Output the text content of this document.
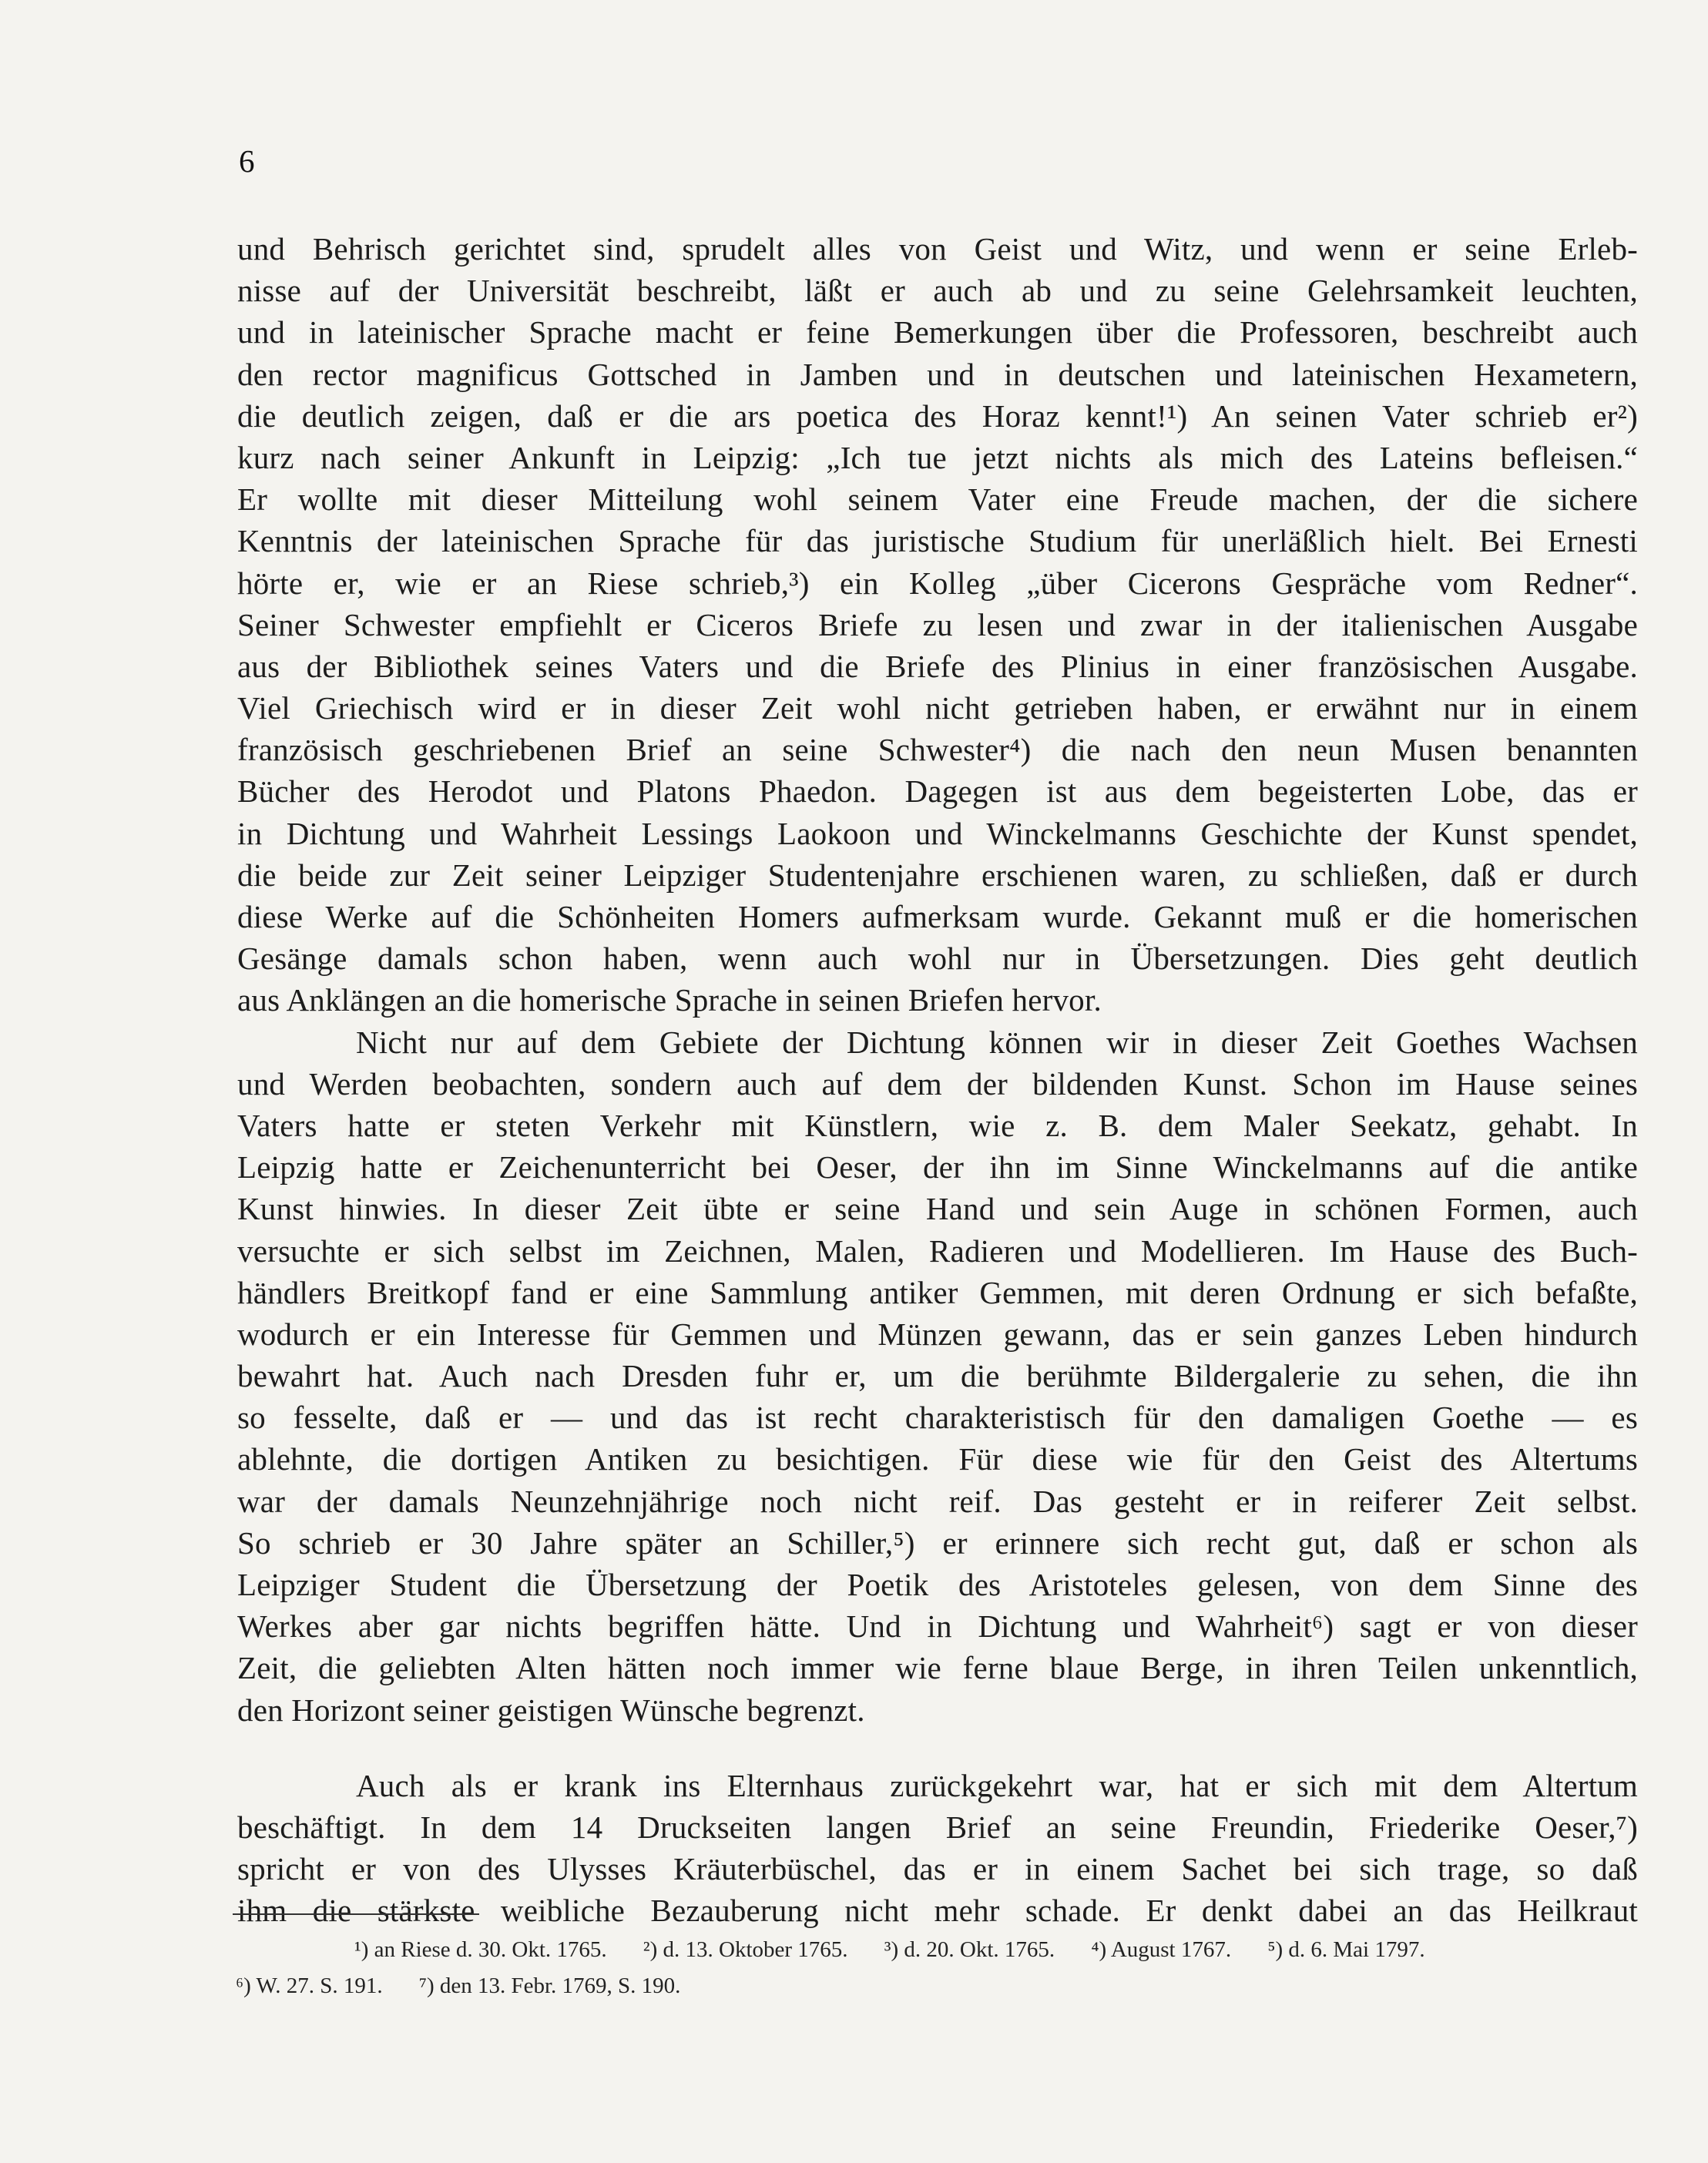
6
und Behrisch gerichtet sind, sprudelt alles von Geist und Witz, und wenn er seine Erleb-
nisse auf der Universität beschreibt, läßt er auch ab und zu seine Gelehrsamkeit leuchten,
und in lateinischer Sprache macht er feine Bemerkungen über die Professoren, beschreibt auch
den rector magnificus Gottsched in Jamben und in deutschen und lateinischen Hexametern,
die deutlich zeigen, daß er die ars poetica des Horaz kennt!¹) An seinen Vater schrieb er²)
kurz nach seiner Ankunft in Leipzig: „Ich tue jetzt nichts als mich des Lateins befleisen.“
Er wollte mit dieser Mitteilung wohl seinem Vater eine Freude machen, der die sichere
Kenntnis der lateinischen Sprache für das juristische Studium für unerläßlich hielt. Bei Ernesti
hörte er, wie er an Riese schrieb,³) ein Kolleg „über Cicerons Gespräche vom Redner“.
Seiner Schwester empfiehlt er Ciceros Briefe zu lesen und zwar in der italienischen Ausgabe
aus der Bibliothek seines Vaters und die Briefe des Plinius in einer französischen Ausgabe.
Viel Griechisch wird er in dieser Zeit wohl nicht getrieben haben, er erwähnt nur in einem
französisch geschriebenen Brief an seine Schwester⁴) die nach den neun Musen benannten
Bücher des Herodot und Platons Phaedon. Dagegen ist aus dem begeisterten Lobe, das er
in Dichtung und Wahrheit Lessings Laokoon und Winckelmanns Geschichte der Kunst spendet,
die beide zur Zeit seiner Leipziger Studentenjahre erschienen waren, zu schließen, daß er durch
diese Werke auf die Schönheiten Homers aufmerksam wurde. Gekannt muß er die homerischen
Gesänge damals schon haben, wenn auch wohl nur in Übersetzungen. Dies geht deutlich
aus Anklängen an die homerische Sprache in seinen Briefen hervor.
Nicht nur auf dem Gebiete der Dichtung können wir in dieser Zeit Goethes Wachsen
und Werden beobachten, sondern auch auf dem der bildenden Kunst. Schon im Hause seines
Vaters hatte er steten Verkehr mit Künstlern, wie z. B. dem Maler Seekatz, gehabt. In
Leipzig hatte er Zeichenunterricht bei Oeser, der ihn im Sinne Winckelmanns auf die antike
Kunst hinwies. In dieser Zeit übte er seine Hand und sein Auge in schönen Formen, auch
versuchte er sich selbst im Zeichnen, Malen, Radieren und Modellieren. Im Hause des Buch-
händlers Breitkopf fand er eine Sammlung antiker Gemmen, mit deren Ordnung er sich befaßte,
wodurch er ein Interesse für Gemmen und Münzen gewann, das er sein ganzes Leben hindurch
bewahrt hat. Auch nach Dresden fuhr er, um die berühmte Bildergalerie zu sehen, die ihn
so fesselte, daß er — und das ist recht charakteristisch für den damaligen Goethe — es
ablehnte, die dortigen Antiken zu besichtigen. Für diese wie für den Geist des Altertums
war der damals Neunzehnjährige noch nicht reif. Das gesteht er in reiferer Zeit selbst.
So schrieb er 30 Jahre später an Schiller,⁵) er erinnere sich recht gut, daß er schon als
Leipziger Student die Übersetzung der Poetik des Aristoteles gelesen, von dem Sinne des
Werkes aber gar nichts begriffen hätte. Und in Dichtung und Wahrheit⁶) sagt er von dieser
Zeit, die geliebten Alten hätten noch immer wie ferne blaue Berge, in ihren Teilen unkenntlich,
den Horizont seiner geistigen Wünsche begrenzt.
Auch als er krank ins Elternhaus zurückgekehrt war, hat er sich mit dem Altertum
beschäftigt. In dem 14 Druckseiten langen Brief an seine Freundin, Friederike Oeser,⁷)
spricht er von des Ulysses Kräuterbüschel, das er in einem Sachet bei sich trage, so daß
ihm die stärkste weibliche Bezauberung nicht mehr schade. Er denkt dabei an das Heilkraut
¹) an Riese d. 30. Okt. 1765. ²) d. 13. Oktober 1765. ³) d. 20. Okt. 1765. ⁴) August 1767. ⁵) d. 6. Mai 1797.
⁶) W. 27. S. 191. ⁷) den 13. Febr. 1769, S. 190.
